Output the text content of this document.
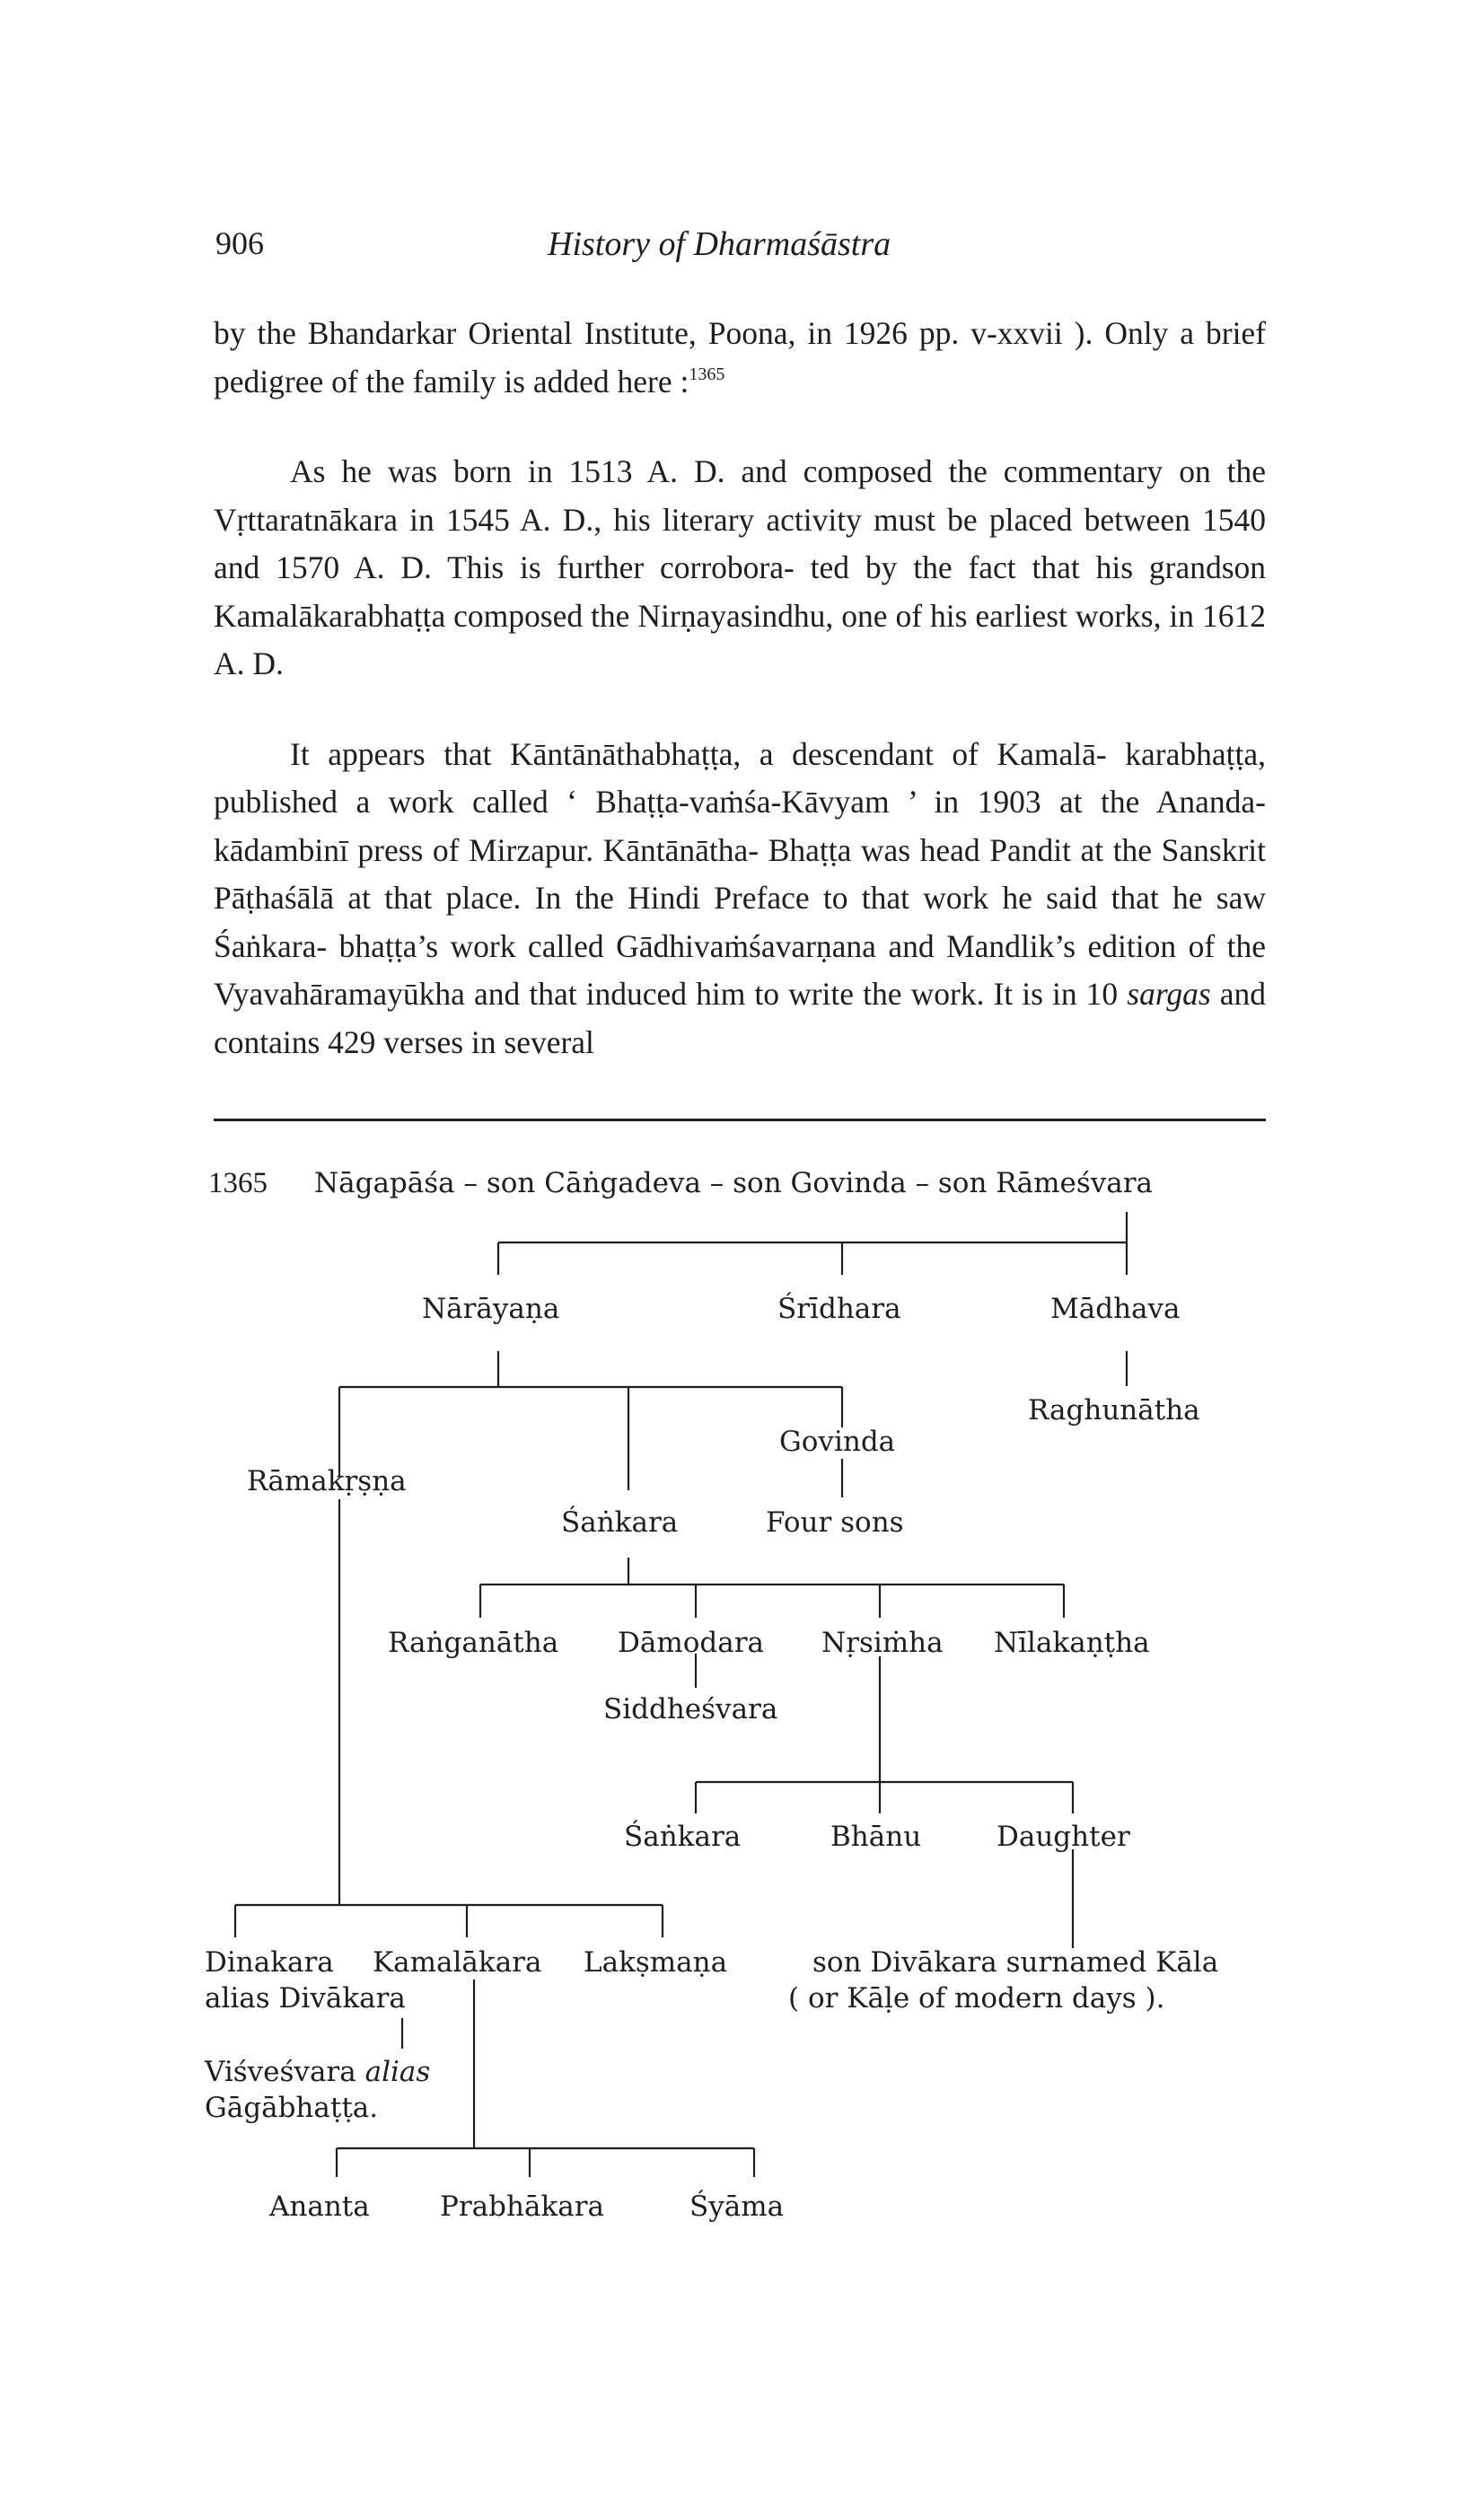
906	History of Dharmaśāstra

by the Bhandarkar Oriental Institute, Poona, in 1926 pp. v-xxvii ). Only a brief pedigree of the family is added here :$^{1365}$

As he was born in 1513 A. D. and composed the commentary on the Vṛttaratnākara in 1545 A. D., his literary activity must be placed between 1540 and 1570 A. D. This is further corrobora- ted by the fact that his grandson Kamalākarabhaṭṭa composed the Nirṇayasindhu, one of his earliest works, in 1612 A. D.

It appears that Kāntānāthabhaṭṭa, a descendant of Kamalā- karabhaṭṭa, published a work called ‘ Bhaṭṭa-vaṁśa-Kāvyam ’ in 1903 at the Ananda-kādambinī press of Mirzapur. Kāntānātha- Bhaṭṭa was head Pandit at the Sanskrit Pāṭhaśālā at that place. In the Hindi Preface to that work he said that he saw Śaṅkara- bhaṭṭa’s work called Gādhivaṁśavarṇana and Mandlik’s edition of the Vyavahāramayūkha and that induced him to write the work. It is in 10 sargas and contains 429 verses in several

1365 Nāgapāśa – son Cāṅgadeva – son Govinda – son Rāmeśvara
Nārāyaṇa	Śrīdhara	Mādhava
Raghunātha
Govinda
Rāmakṛṣṇa
Śaṅkara	Four sons
Raṅganātha Dāmodara Nṛsiṁha Nīlakaṇṭha
Siddheśvara
Śaṅkara	Bhānu	Daughter
Dinakara Kamalākara Lakṣmaṇa	son Divākara surnamed Kāla
alias Divākara	( or Kāḷe of modern days ).
Viśveśvara alias
Gāgābhaṭṭa.
Ananta	Prabhākara	Śyāma
